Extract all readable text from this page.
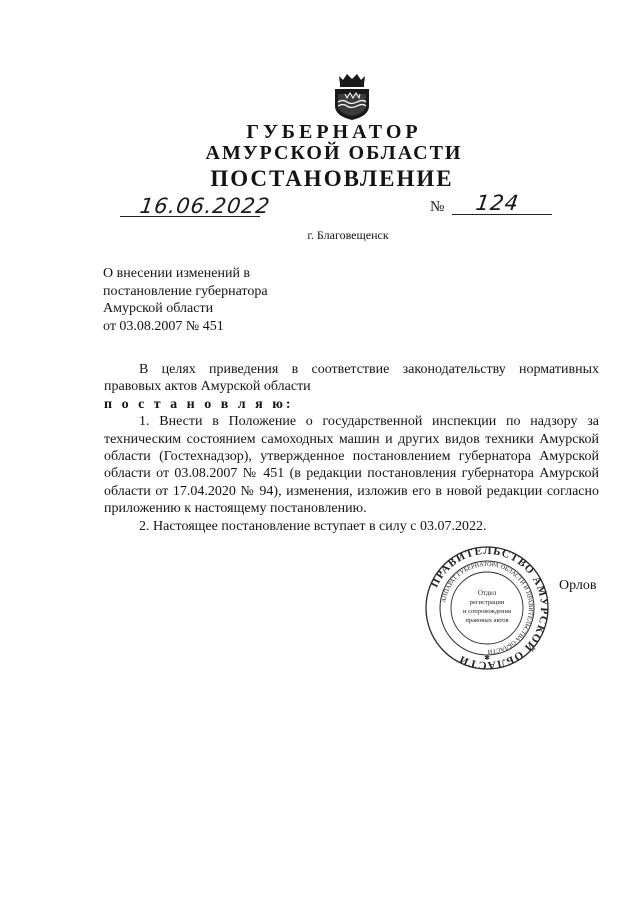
ГУБЕРНАТОР
АМУРСКОЙ ОБЛАСТИ
ПОСТАНОВЛЕНИЕ
16.06.2022	№ 124
г. Благовещенск
О внесении изменений в
постановление губернатора
Амурской области
от 03.08.2007 № 451

В целях приведения в соответствие законодательству нормативных правовых актов Амурской области

п о с т а н о в л я ю:

1. Внести в Положение о государственной инспекции по надзору за техническим состоянием самоходных машин и других видов техники Амурской области (Гостехнадзор), утвержденное постановлением губернатора Амурской области от 03.08.2007 № 451 (в редакции постановления губернатора Амурской области от 17.04.2020 № 94), изменения, изложив его в новой редакции согласно приложению к настоящему постановлению.

2. Настоящее постановление вступает в силу с 03.07.2022.

ПРАВИТЕЛЬСТВО АМУРСКОЙ ОБЛАСТИ
АППАРАТ ГУБЕРНАТОРА ОБЛАСТИ И ПРАВИТЕЛЬСТВА ОБЛАСТИ
Отдел
регистрации
и сопровождения
правовых актов
✱
Орлов
